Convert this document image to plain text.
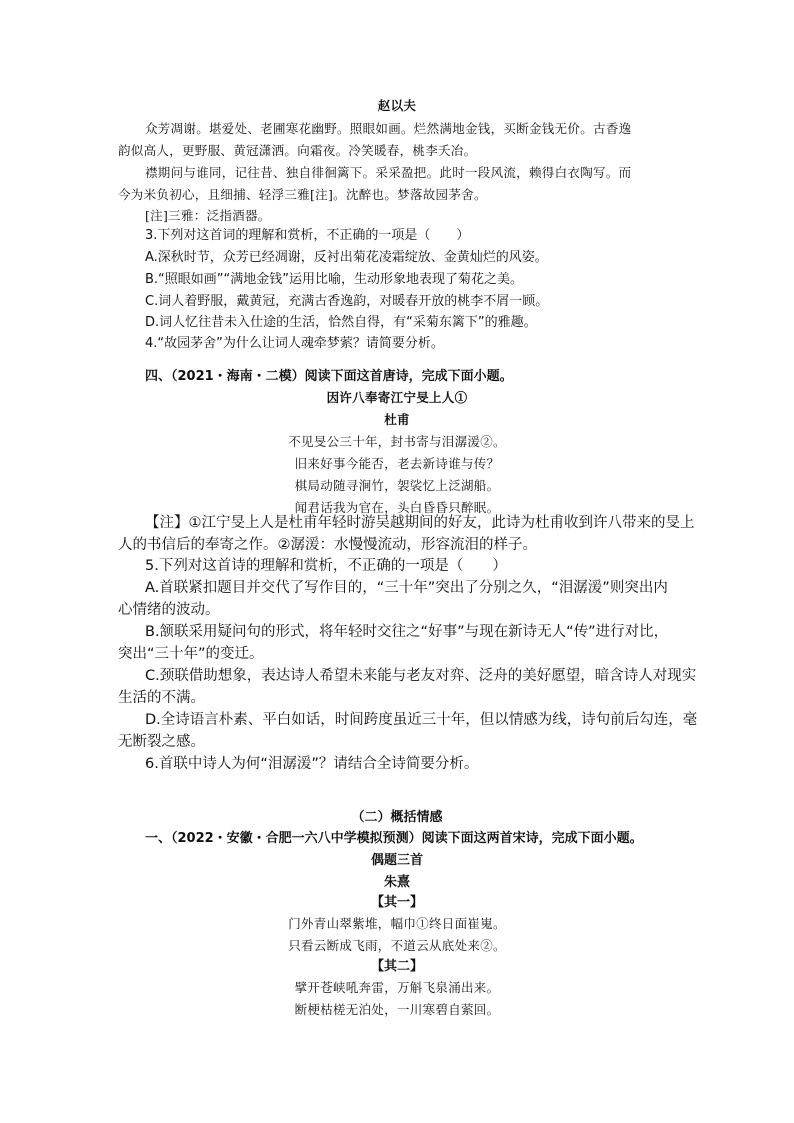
赵以夫
众芳凋谢。堪爱处、老圃寒花幽野。照眼如画。烂然满地金钱，买断金钱无价。古香逸
韵似高人，更野服、黄冠潇洒。向霜夜。冷笑暖春，桃李夭冶。
襟期问与谁同，记往昔、独自徘徊篱下。采采盈把。此时一段风流，赖得白衣陶写。而
今为米负初心，且细捕、轻浮三雅[注]。沈醉也。梦落故园茅舍。
[注]三雅：泛指酒器。
3.下列对这首词的理解和赏析，不正确的一项是（　　）
A.深秋时节，众芳已经凋谢，反衬出菊花凌霜绽放、金黄灿烂的风姿。
B.“照眼如画”“满地金钱”运用比喻，生动形象地表现了菊花之美。
C.词人着野服，戴黄冠，充满古香逸韵，对暖春开放的桃李不屑一顾。
D.词人忆往昔未入仕途的生活，恰然自得，有“采菊东篱下”的雅趣。
4.“故园茅舍”为什么让词人魂牵梦萦？请简要分析。
四、（2021・海南・二模）阅读下面这首唐诗，完成下面小题。
因许八奉寄江宁旻上人①
杜甫
不见旻公三十年，封书寄与泪潺湲②。
旧来好事今能否，老去新诗谁与传？
棋局动随寻涧竹，袈裟忆上泛湖船。
闻君话我为官在，头白昏昏只醉眠。
【注】①江宁旻上人是杜甫年轻时游吴越期间的好友，此诗为杜甫收到许八带来的旻上
人的书信后的奉寄之作。②潺湲：水慢慢流动，形容流泪的样子。
5.下列对这首诗的理解和赏析，不正确的一项是（　　）
A.首联紧扣题目并交代了写作目的，“三十年”突出了分别之久，“泪潺湲”则突出内
心情绪的波动。
B.颔联采用疑问句的形式，将年轻时交往之“好事”与现在新诗无人“传”进行对比，
突出“三十年”的变迁。
C.颈联借助想象，表达诗人希望未来能与老友对弈、泛舟的美好愿望，暗含诗人对现实
生活的不满。
D.全诗语言朴素、平白如话，时间跨度虽近三十年，但以情感为线，诗句前后勾连，毫
无断裂之感。
6.首联中诗人为何“泪潺湲”？请结合全诗简要分析。
（二）概括情感
一、（2022・安徽・合肥一六八中学模拟预测）阅读下面这两首宋诗，完成下面小题。
偶题三首
朱熹
【其一】
门外青山翠紫堆，幅巾①终日面崔嵬。
只看云断成飞雨，不道云从底处来②。
【其二】
擘开苍峡吼奔雷，万斛飞泉涌出来。
断梗枯槎无泊处，一川寒碧自萦回。
